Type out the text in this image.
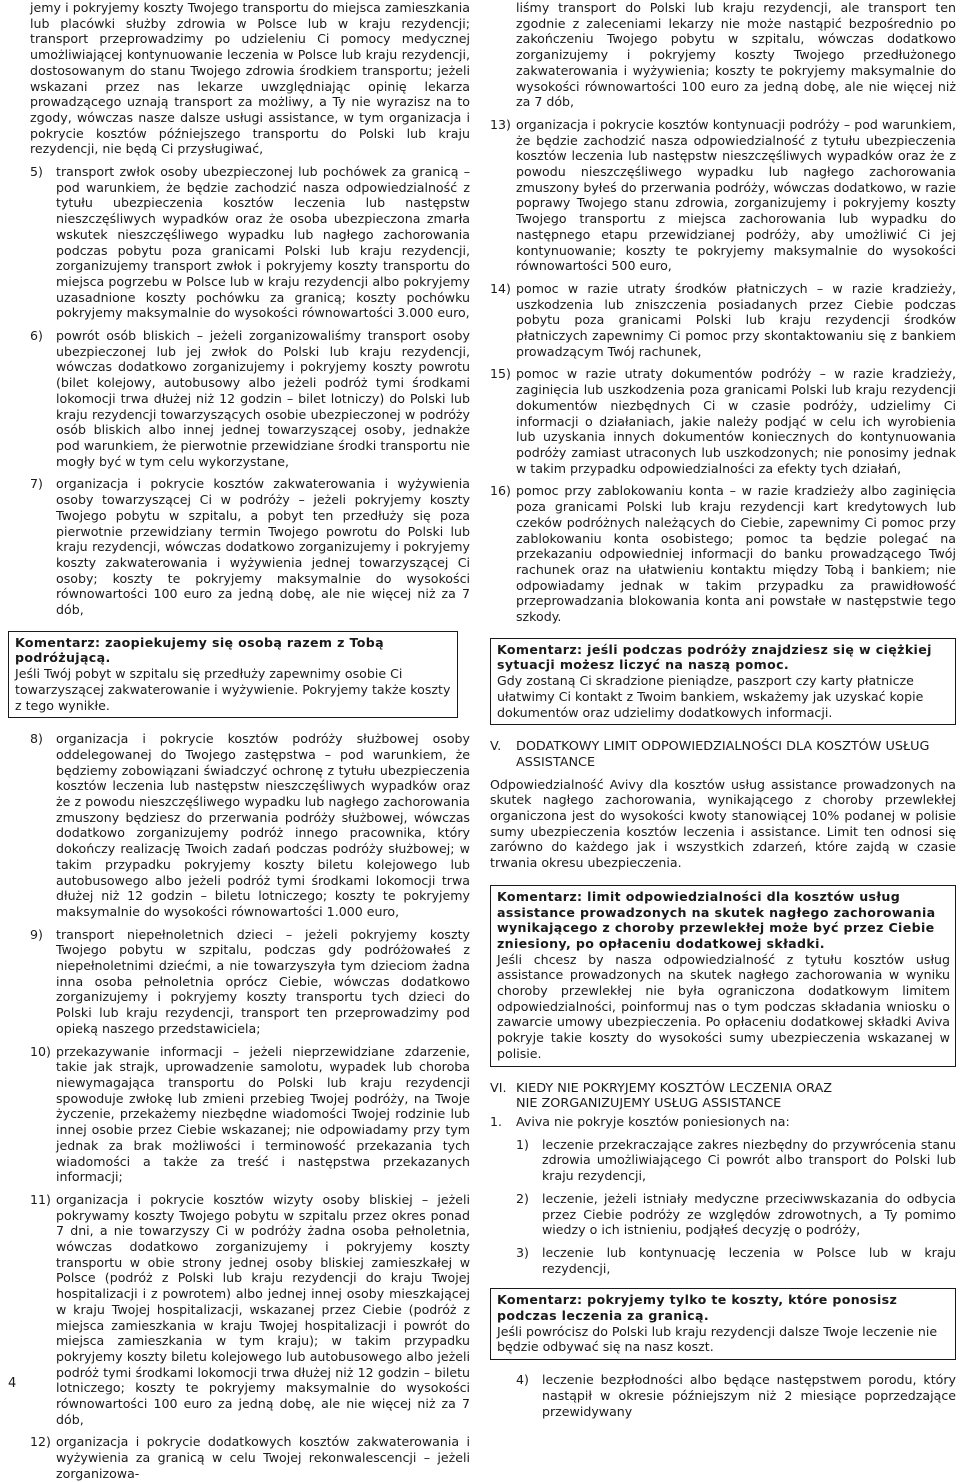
jemy i pokryjemy koszty Twojego transportu do miejsca zamieszkania lub placówki służby zdrowia w Polsce lub w kraju rezydencji; transport przeprowadzimy po udzieleniu Ci pomocy medycznej umożliwiającej kontynuowanie leczenia w Polsce lub kraju rezydencji, dostosowanym do stanu Twojego zdrowia środkiem transportu; jeżeli wskazani przez nas lekarze uwzględniając opinię lekarza prowadzącego uznają transport za możliwy, a Ty nie wyrazisz na to zgody, wówczas nasze dalsze usługi assistance, w tym organizacja i pokrycie kosztów późniejszego transportu do Polski lub kraju rezydencji, nie będą Ci przysługiwać,

5)	transport zwłok osoby ubezpieczonej lub pochówek za granicą – pod warunkiem, że będzie zachodzić nasza odpowiedzialność z tytułu ubezpieczenia kosztów leczenia lub następstw nieszczęśliwych wypadków oraz że osoba ubezpieczona zmarła wskutek nieszczęśliwego wypadku lub nagłego zachorowania podczas pobytu poza granicami Polski lub kraju rezydencji, zorganizujemy transport zwłok i pokryjemy koszty transportu do miejsca pogrzebu w Polsce lub w kraju rezydencji albo pokryjemy uzasadnione koszty pochówku za granicą; koszty pochówku pokryjemy maksymalnie do wysokości równowartości 3.000 euro,
6)	powrót osób bliskich – jeżeli zorganizowaliśmy transport osoby ubezpieczonej lub jej zwłok do Polski lub kraju rezydencji, wówczas dodatkowo zorganizujemy i pokryjemy koszty powrotu (bilet kolejowy, autobusowy albo jeżeli podróż tymi środkami lokomocji trwa dłużej niż 12 godzin – bilet lotniczy) do Polski lub kraju rezydencji towarzyszących osobie ubezpieczonej w podróży osób bliskich albo innej jednej towarzyszącej osoby, jednakże pod warunkiem, że pierwotnie przewidziane środki transportu nie mogły być w tym celu wykorzystane,
7)	organizacja i pokrycie kosztów zakwaterowania i wyżywienia osoby towarzyszącej Ci w podróży – jeżeli pokryjemy koszty Twojego pobytu w szpitalu, a pobyt ten przedłuży się poza pierwotnie przewidziany termin Twojego powrotu do Polski lub kraju rezydencji, wówczas dodatkowo zorganizujemy i pokryjemy koszty zakwaterowania i wyżywienia jednej towarzyszącej Ci osoby; koszty te pokryjemy maksymalnie do wysokości równowartości 100 euro za jedną dobę, ale nie więcej niż za 7 dób,
Komentarz: zaopiekujemy się osobą razem z Tobą podróżującą.
Jeśli Twój pobyt w szpitalu się przedłuży zapewnimy osobie Ci towarzyszącej zakwaterowanie i wyżywienie. Pokryjemy także koszty z tego wynikłe.
8)	organizacja i pokrycie kosztów podróży służbowej osoby oddelegowanej do Twojego zastępstwa – pod warunkiem, że będziemy zobowiązani świadczyć ochronę z tytułu ubezpieczenia kosztów leczenia lub następstw nieszczęśliwych wypadków oraz że z powodu nieszczęśliwego wypadku lub nagłego zachorowania zmuszony będziesz do przerwania podróży służbowej, wówczas dodatkowo zorganizujemy podróż innego pracownika, który dokończy realizację Twoich zadań podczas podróży służbowej; w takim przypadku pokryjemy koszty biletu kolejowego lub autobusowego albo jeżeli podróż tymi środkami lokomocji trwa dłużej niż 12 godzin – biletu lotniczego; koszty te pokryjemy maksymalnie do wysokości równowartości 1.000 euro,
9)	transport niepełnoletnich dzieci – jeżeli pokryjemy koszty Twojego pobytu w szpitalu, podczas gdy podróżowałeś z niepełnoletnimi dziećmi, a nie towarzyszyła tym dzieciom żadna inna osoba pełnoletnia oprócz Ciebie, wówczas dodatkowo zorganizujemy i pokryjemy koszty transportu tych dzieci do Polski lub kraju rezydencji, transport ten przeprowadzimy pod opieką naszego przedstawiciela;
10) przekazywanie informacji – jeżeli nieprzewidziane zdarzenie, takie jak strajk, uprowadzenie samolotu, wypadek lub choroba niewymagająca transportu do Polski lub kraju rezydencji spowoduje zwłokę lub zmieni przebieg Twojej podróży, na Twoje życzenie, przekażemy niezbędne wiadomości Twojej rodzinie lub innej osobie przez Ciebie wskazanej; nie odpowiadamy przy tym jednak za brak możliwości i terminowość przekazania tych wiadomości a także za treść i następstwa przekazanych informacji;
11) organizacja i pokrycie kosztów wizyty osoby bliskiej – jeżeli pokrywamy koszty Twojego pobytu w szpitalu przez okres ponad 7 dni, a nie towarzyszy Ci w podróży żadna osoba pełnoletnia, wówczas dodatkowo zorganizujemy i pokryjemy koszty transportu w obie strony jednej osoby bliskiej zamieszkałej w Polsce (podróż z Polski lub kraju rezydencji do kraju Twojej hospitalizacji i z powrotem) albo jednej innej osoby mieszkającej w kraju Twojej hospitalizacji, wskazanej przez Ciebie (podróż z miejsca zamieszkania w kraju Twojej hospitalizacji i powrót do miejsca zamieszkania w tym kraju); w takim przypadku pokryjemy koszty biletu kolejowego lub autobusowego albo jeżeli podróż tymi środkami lokomocji trwa dłużej niż 12 godzin – biletu lotniczego; koszty te pokryjemy maksymalnie do wysokości równowartości 100 euro za jedną dobę, ale nie więcej niż za 7 dób,
12) organizacja i pokrycie dodatkowych kosztów zakwaterowania i wyżywienia za granicą w celu Twojej rekonwalescencji – jeżeli zorganizowa-

liśmy transport do Polski lub kraju rezydencji, ale transport ten zgodnie z zaleceniami lekarzy nie może nastąpić bezpośrednio po zakończeniu Twojego pobytu w szpitalu, wówczas dodatkowo zorganizujemy i pokryjemy koszty Twojego przedłużonego zakwaterowania i wyżywienia; koszty te pokryjemy maksymalnie do wysokości równowartości 100 euro za jedną dobę, ale nie więcej niż za 7 dób,

13) organizacja i pokrycie kosztów kontynuacji podróży – pod warunkiem, że będzie zachodzić nasza odpowiedzialność z tytułu ubezpieczenia kosztów leczenia lub następstw nieszczęśliwych wypadków oraz że z powodu nieszczęśliwego wypadku lub nagłego zachorowania zmuszony byłeś do przerwania podróży, wówczas dodatkowo, w razie poprawy Twojego stanu zdrowia, zorganizujemy i pokryjemy koszty Twojego transportu z miejsca zachorowania lub wypadku do następnego etapu przewidzianej podróży, aby umożliwić Ci jej kontynuowanie; koszty te pokryjemy maksymalnie do wysokości równowartości 500 euro,
14) pomoc w razie utraty środków płatniczych – w razie kradzieży, uszkodzenia lub zniszczenia posiadanych przez Ciebie podczas pobytu poza granicami Polski lub kraju rezydencji środków płatniczych zapewnimy Ci pomoc przy skontaktowaniu się z bankiem prowadzącym Twój rachunek,
15) pomoc w razie utraty dokumentów podróży – w razie kradzieży, zaginięcia lub uszkodzenia poza granicami Polski lub kraju rezydencji dokumentów niezbędnych Ci w czasie podróży, udzielimy Ci informacji o działaniach, jakie należy podjąć w celu ich wyrobienia lub uzyskania innych dokumentów koniecznych do kontynuowania podróży zamiast utraconych lub uszkodzonych; nie ponosimy jednak w takim przypadku odpowiedzialności za efekty tych działań,
16) pomoc przy zablokowaniu konta – w razie kradzieży albo zaginięcia poza granicami Polski lub kraju rezydencji kart kredytowych lub czeków podróżnych należących do Ciebie, zapewnimy Ci pomoc przy zablokowaniu konta osobistego; pomoc ta będzie polegać na przekazaniu odpowiedniej informacji do banku prowadzącego Twój rachunek oraz na ułatwieniu kontaktu między Tobą i bankiem; nie odpowiadamy jednak w takim przypadku za prawidłowość przeprowadzania blokowania konta ani powstałe w następstwie tego szkody.
Komentarz: jeśli podczas podróży znajdziesz się w ciężkiej sytuacji możesz liczyć na naszą pomoc.
Gdy zostaną Ci skradzione pieniądze, paszport czy karty płatnicze ułatwimy Ci kontakt z Twoim bankiem, wskażemy jak uzyskać kopie dokumentów oraz udzielimy dodatkowych informacji.
V.	DODATKOWY LIMIT ODPOWIEDZIALNOŚCI DLA KOSZTÓW USŁUG ASSISTANCE

Odpowiedzialność Avivy dla kosztów usług assistance prowadzonych na skutek nagłego zachorowania, wynikającego z choroby przewlekłej organiczona jest do wysokości kwoty stanowiącej 10% podanej w polisie sumy ubezpieczenia kosztów leczenia i assistance. Limit ten odnosi się zarówno do każdego jak i wszystkich zdarzeń, które zajdą w czasie trwania okresu ubezpieczenia.

Komentarz: limit odpowiedzialności dla kosztów usług assistance prowadzonych na skutek nagłego zachorowania wynikającego z choroby przewlekłej może być przez Ciebie zniesiony, po opłaceniu dodatkowej składki.
Jeśli chcesz by nasza odpowiedzialność z tytułu kosztów usług assistance prowadzonych na skutek nagłego zachorowania w wyniku choroby przewlekłej nie była ograniczona dodatkowym limitem odpowiedzialności, poinformuj nas o tym podczas składania wniosku o zawarcie umowy ubezpieczenia. Po opłaceniu dodatkowej składki Aviva pokryje takie koszty do wysokości sumy ubezpieczenia wskazanej w polisie.
VI. KIEDY NIE POKRYJEMY KOSZTÓW LECZENIA ORAZ
NIE ZORGANIZUJEMY USŁUG ASSISTANCE
1.	Aviva nie pokryje kosztów poniesionych na:
1)	leczenie przekraczające zakres niezbędny do przywrócenia stanu zdrowia umożliwiającego Ci powrót albo transport do Polski lub kraju rezydencji,
2)	leczenie, jeżeli istniały medyczne przeciwwskazania do odbycia przez Ciebie podróży ze względów zdrowotnych, a Ty pomimo wiedzy o ich istnieniu, podjąłeś decyzję o podróży,
3)	leczenie lub kontynuację leczenia w Polsce lub w kraju rezydencji,
Komentarz: pokryjemy tylko te koszty, które ponosisz podczas leczenia za granicą.
Jeśli powrócisz do Polski lub kraju rezydencji dalsze Twoje leczenie nie będzie odbywać się na nasz koszt.
4)	leczenie bezpłodności albo będące następstwem porodu, który nastąpił w okresie późniejszym niż 2 miesiące poprzedzające przewidywany
4
